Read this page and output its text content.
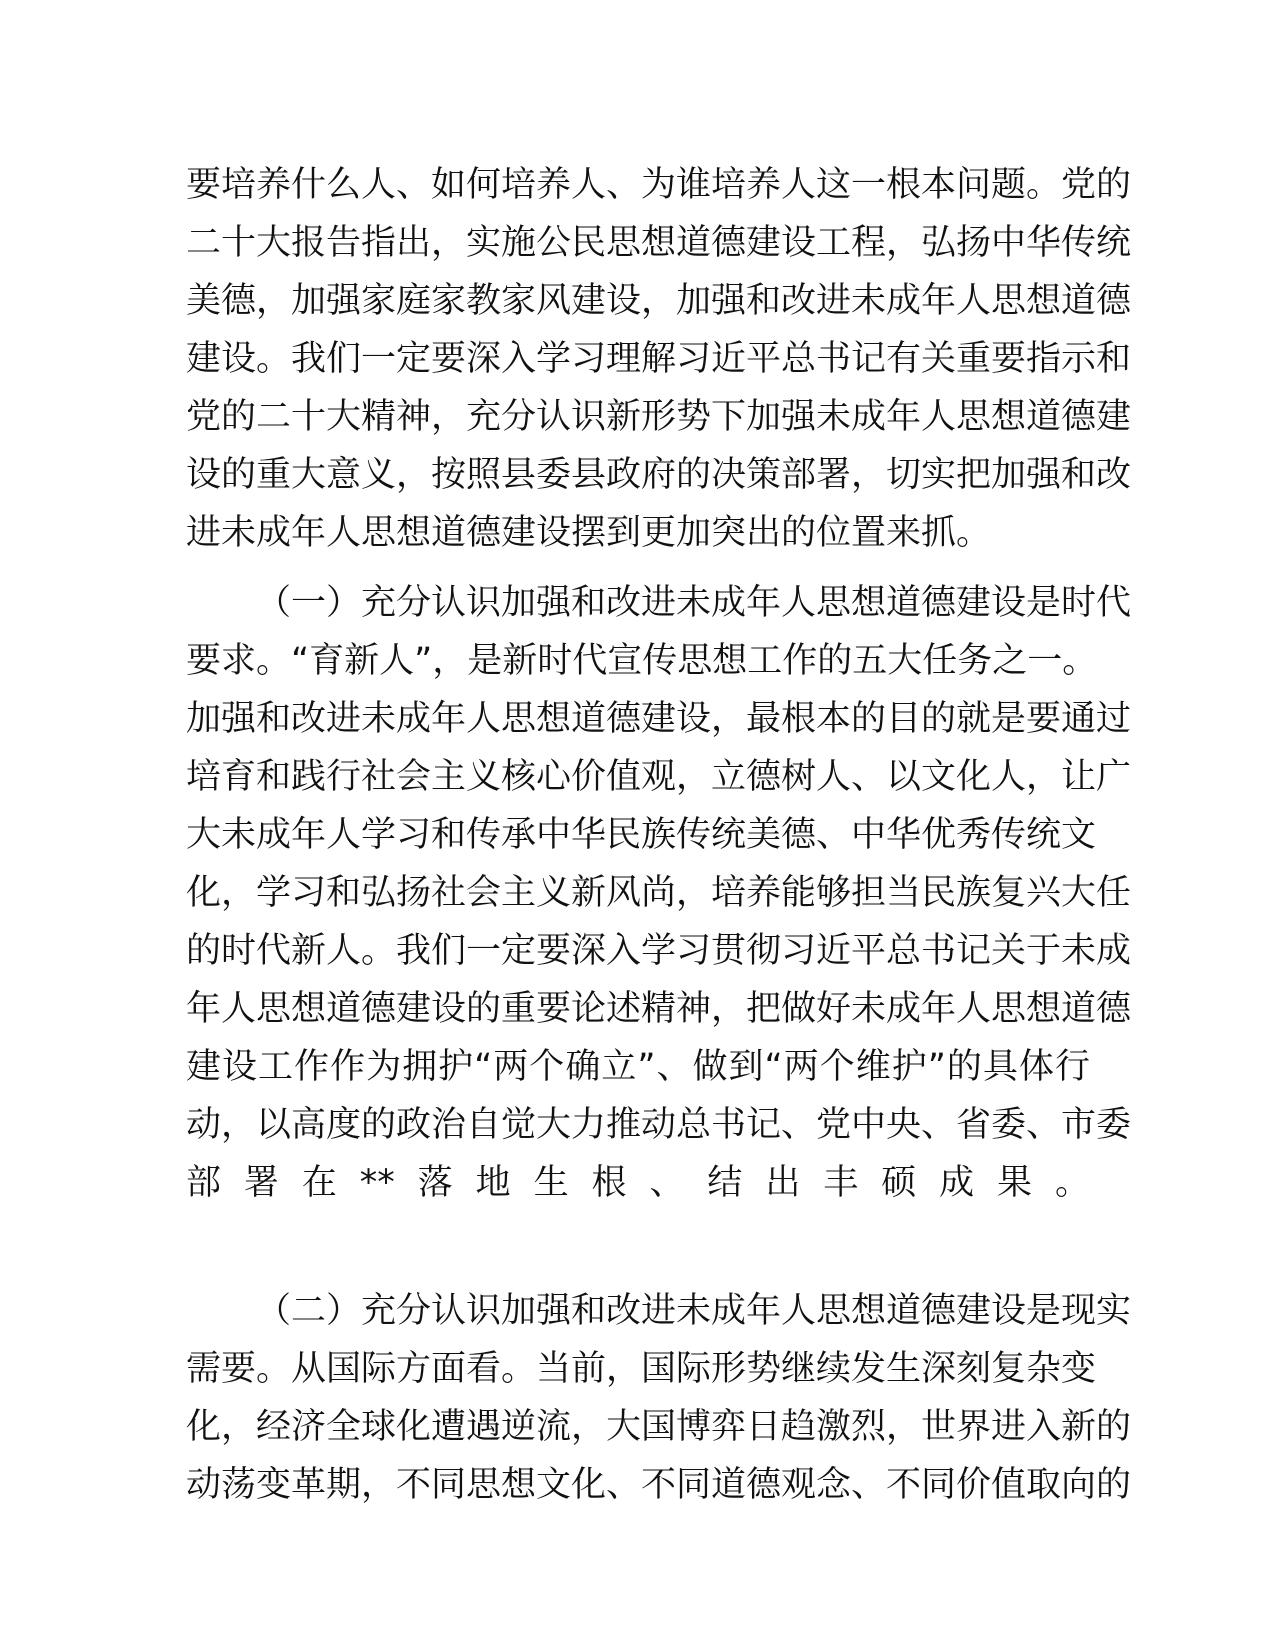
要培养什么人、如何培养人、为谁培养人这一根本问题。党的
二十大报告指出，实施公民思想道德建设工程，弘扬中华传统
美德，加强家庭家教家风建设，加强和改进未成年人思想道德
建设。我们一定要深入学习理解习近平总书记有关重要指示和
党的二十大精神，充分认识新形势下加强未成年人思想道德建
设的重大意义，按照县委县政府的决策部署，切实把加强和改
进未成年人思想道德建设摆到更加突出的位置来抓。
（一）充分认识加强和改进未成年人思想道德建设是时代
要求。“育新人”，是新时代宣传思想工作的五大任务之一。
加强和改进未成年人思想道德建设，最根本的目的就是要通过
培育和践行社会主义核心价值观，立德树人、以文化人，让广
大未成年人学习和传承中华民族传统美德、中华优秀传统文
化，学习和弘扬社会主义新风尚，培养能够担当民族复兴大任
的时代新人。我们一定要深入学习贯彻习近平总书记关于未成
年人思想道德建设的重要论述精神，把做好未成年人思想道德
建设工作作为拥护“两个确立”、做到“两个维护”的具体行
动，以高度的政治自觉大力推动总书记、党中央、省委、市委
部署在**落地生根、结出丰硕成果。
（二）充分认识加强和改进未成年人思想道德建设是现实
需要。从国际方面看。当前，国际形势继续发生深刻复杂变
化，经济全球化遭遇逆流，大国博弈日趋激烈，世界进入新的
动荡变革期，不同思想文化、不同道德观念、不同价值取向的
